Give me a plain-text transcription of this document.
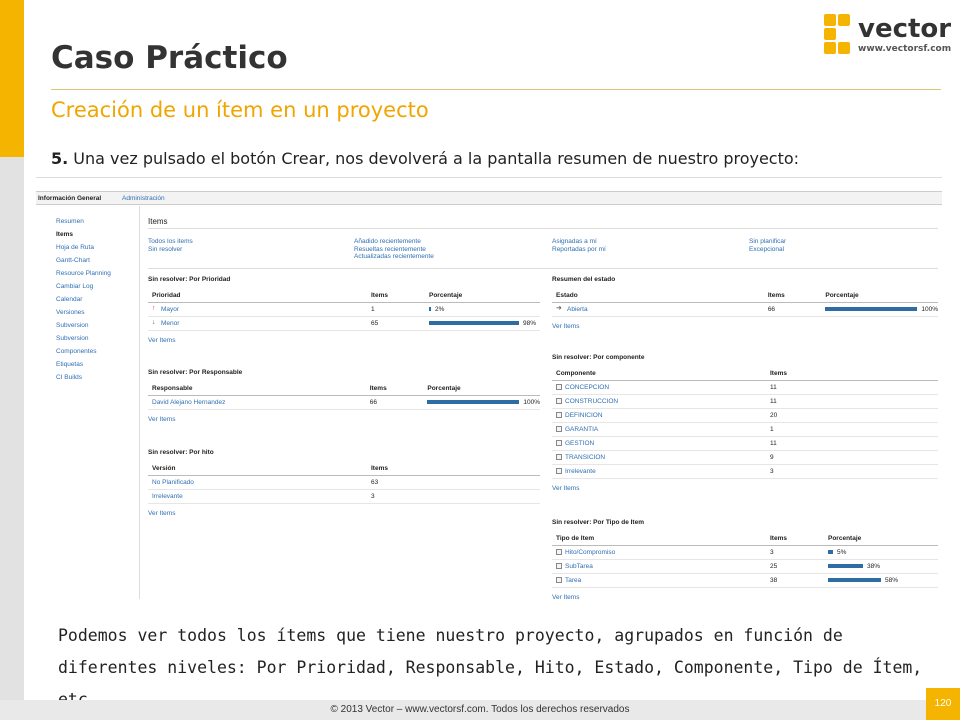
Caso Práctico
vector
www.vectorsf.com
Creación de un ítem en un proyecto
5. Una vez pulsado el botón Crear, nos devolverá a la pantalla resumen de nuestro proyecto:
Información General	Administración
Resumen
Items
Hoja de Ruta
Gantt-Chart
Resource Planning
Cambiar Log
Calendar
Versiones
Subversion
Subversion
Componentes
Etiquetas
CI Builds
Items
Todos los items
Sin resolver
Añadido recientemente
Resueltas recientemente
Actualizadas recientemente
Asignadas a mí
Reportadas por mí
Sin planificar
Excepcional
Sin resolver: Por Prioridad
Prioridad	Items	Porcentaje
↑ Mayor	1	2%
↓ Menor	65	98%
Ver Items
Sin resolver: Por Responsable
Responsable	Items	Porcentaje
David Alejano Hernandez	66	100%
Ver Items
Sin resolver: Por hito
Versión	Items
No Planificado	63
Irrelevante	3
Ver Items
Resumen del estado
Estado	Items	Porcentaje
➜ Abierta	66	100%
Ver Items
Sin resolver: Por componente
Componente	Items
CONCEPCION	11
CONSTRUCCION	11
DEFINICION	20
GARANTIA	1
GESTION	11
TRANSICION	9
Irrelevante	3
Ver Items
Sin resolver: Por Tipo de Item
Tipo de Item	Items	Porcentaje
Hito/Compromiso	3	5%
SubTarea	25	38%
Tarea	38	58%
Ver Items
Podemos ver todos los ítems que tiene nuestro proyecto, agrupados en función de diferentes niveles: Por Prioridad, Responsable, Hito, Estado, Componente, Tipo de Ítem,
© 2013 Vector – www.vectorsf.com. Todos los derechos reservados
120
